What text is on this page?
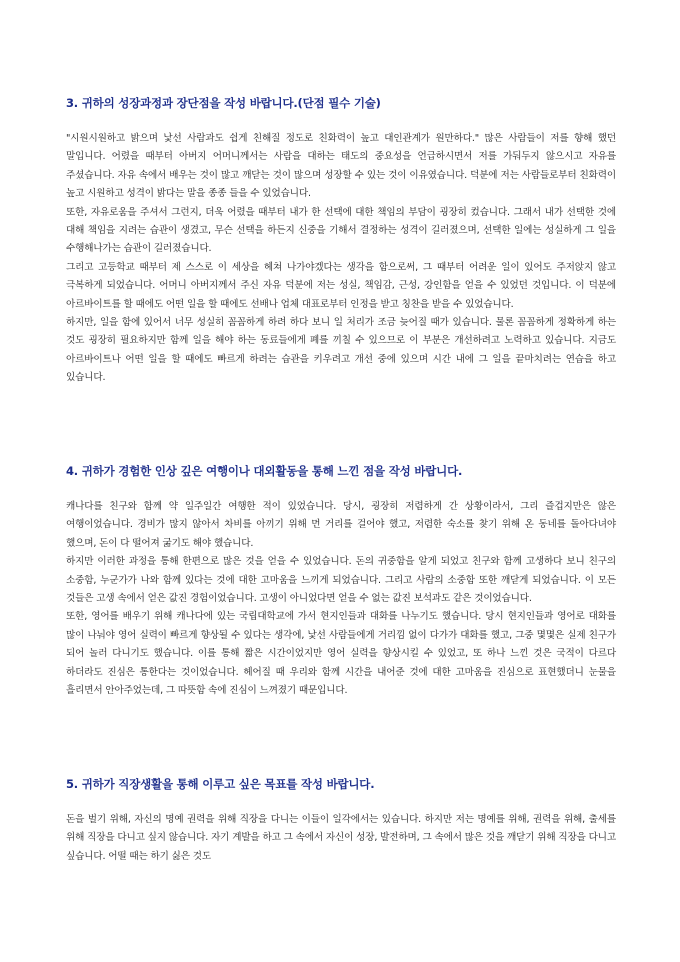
3. 귀하의 성장과정과 장단점을 작성 바랍니다.(단점 필수 기술)

"시원시원하고 밝으며 낯선 사람과도 쉽게 친해질 정도로 친화력이 높고 대인관계가 원만하다." 많은 사람들이 저를 향해 했던 말입니다. 어렸을 때부터 아버지 어머니께서는 사람을 대하는 태도의 중요성을 언급하시면서 저를 가둬두지 않으시고 자유를 주셨습니다. 자유 속에서 배우는 것이 많고 깨닫는 것이 많으며 성장할 수 있는 것이 이유였습니다. 덕분에 저는 사람들로부터 친화력이 높고 시원하고 성격이 밝다는 말을 종종 들을 수 있었습니다.

또한, 자유로움을 주셔서 그런지, 더욱 어렸을 때부터 내가 한 선택에 대한 책임의 부담이 굉장히 컸습니다. 그래서 내가 선택한 것에 대해 책임을 지려는 습관이 생겼고, 무슨 선택을 하든지 신중을 기해서 결정하는 성격이 길러졌으며, 선택한 일에는 성실하게 그 일을 수행해나가는 습관이 길러졌습니다.

그리고 고등학교 때부터 제 스스로 이 세상을 헤쳐 나가야겠다는 생각을 함으로써, 그 때부터 어려운 일이 있어도 주저앉지 않고 극복하게 되었습니다. 어머니 아버지께서 주신 자유 덕분에 저는 성실, 책임감, 근성, 강인함을 얻을 수 있었던 것입니다. 이 덕분에 아르바이트를 할 때에도 어떤 일을 할 때에도 선배나 업체 대표로부터 인정을 받고 칭찬을 받을 수 있었습니다.

하지만, 일을 함에 있어서 너무 성실히 꼼꼼하게 하려 하다 보니 일 처리가 조금 늦어질 때가 있습니다. 물론 꼼꼼하게 정확하게 하는 것도 굉장히 필요하지만 함께 일을 해야 하는 동료들에게 폐를 끼칠 수 있으므로 이 부분은 개선하려고 노력하고 있습니다. 지금도 아르바이트나 어떤 일을 할 때에도 빠르게 하려는 습관을 키우려고 개선 중에 있으며 시간 내에 그 일을 끝마치려는 연습을 하고 있습니다.

4. 귀하가 경험한 인상 깊은 여행이나 대외활동을 통해 느낀 점을 작성 바랍니다.

캐나다를 친구와 함께 약 일주일간 여행한 적이 있었습니다. 당시, 굉장히 저렴하게 간 상황이라서, 그리 즐겁지만은 않은 여행이었습니다. 경비가 많지 않아서 차비를 아끼기 위해 먼 거리를 걸어야 했고, 저렴한 숙소를 찾기 위해 온 동네를 돌아다녀야 했으며, 돈이 다 떨어져 굶기도 해야 했습니다.

하지만 이러한 과정을 통해 한편으로 많은 것을 얻을 수 있었습니다. 돈의 귀중함을 알게 되었고 친구와 함께 고생하다 보니 친구의 소중함, 누군가가 나와 함께 있다는 것에 대한 고마움을 느끼게 되었습니다. 그리고 사람의 소중함 또한 깨닫게 되었습니다. 이 모든 것들은 고생 속에서 얻은 값진 경험이었습니다. 고생이 아니었다면 얻을 수 없는 값진 보석과도 같은 것이었습니다.

또한, 영어를 배우기 위해 캐나다에 있는 국립대학교에 가서 현지인들과 대화를 나누기도 했습니다. 당시 현지인들과 영어로 대화를 많이 나눠야 영어 실력이 빠르게 향상될 수 있다는 생각에, 낯선 사람들에게 거리낌 없이 다가가 대화를 했고, 그중 몇몇은 실제 친구가 되어 놀러 다니기도 했습니다. 이를 통해 짧은 시간이었지만 영어 실력을 향상시킬 수 있었고, 또 하나 느낀 것은 국적이 다르다 하더라도 진심은 통한다는 것이었습니다. 헤어질 때 우리와 함께 시간을 내어준 것에 대한 고마움을 진심으로 표현했더니 눈물을 흘리면서 안아주었는데, 그 따뜻함 속에 진심이 느껴졌기 때문입니다.

5. 귀하가 직장생활을 통해 이루고 싶은 목표를 작성 바랍니다.

돈을 벌기 위해, 자신의 명예 권력을 위해 직장을 다니는 이들이 일각에서는 있습니다. 하지만 저는 명예를 위해, 권력을 위해, 출세를 위해 직장을 다니고 싶지 않습니다. 자기 계발을 하고 그 속에서 자신이 성장, 발전하며, 그 속에서 많은 것을 깨닫기 위해 직장을 다니고 싶습니다. 어떨 때는 하기 싫은 것도
